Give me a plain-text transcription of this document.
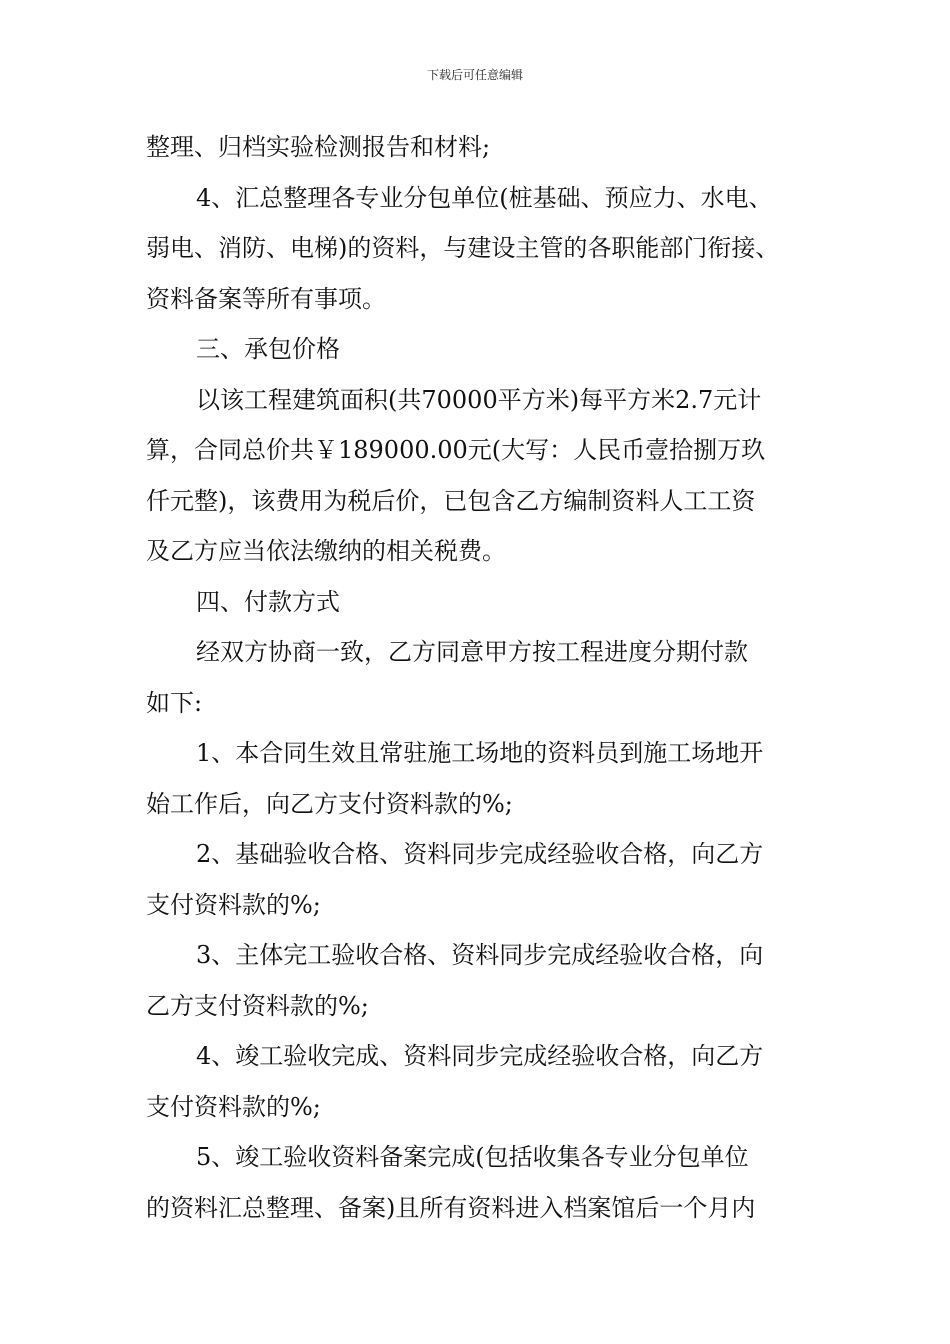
下载后可任意编辑
整理、归档实验检测报告和材料;
4、汇总整理各专业分包单位(桩基础、预应力、水电、
弱电、消防、电梯)的资料，与建设主管的各职能部门衔接、
资料备案等所有事项。
三、承包价格
以该工程建筑面积(共70000平方米)每平方米2.7元计
算，合同总价共￥189000.00元(大写：人民币壹拾捌万玖
仟元整)，该费用为税后价，已包含乙方编制资料人工工资
及乙方应当依法缴纳的相关税费。
四、付款方式
经双方协商一致，乙方同意甲方按工程进度分期付款
如下:
1、本合同生效且常驻施工场地的资料员到施工场地开
始工作后，向乙方支付资料款的%;
2、基础验收合格、资料同步完成经验收合格，向乙方
支付资料款的%;
3、主体完工验收合格、资料同步完成经验收合格，向
乙方支付资料款的%;
4、竣工验收完成、资料同步完成经验收合格，向乙方
支付资料款的%;
5、竣工验收资料备案完成(包括收集各专业分包单位
的资料汇总整理、备案)且所有资料进入档案馆后一个月内
